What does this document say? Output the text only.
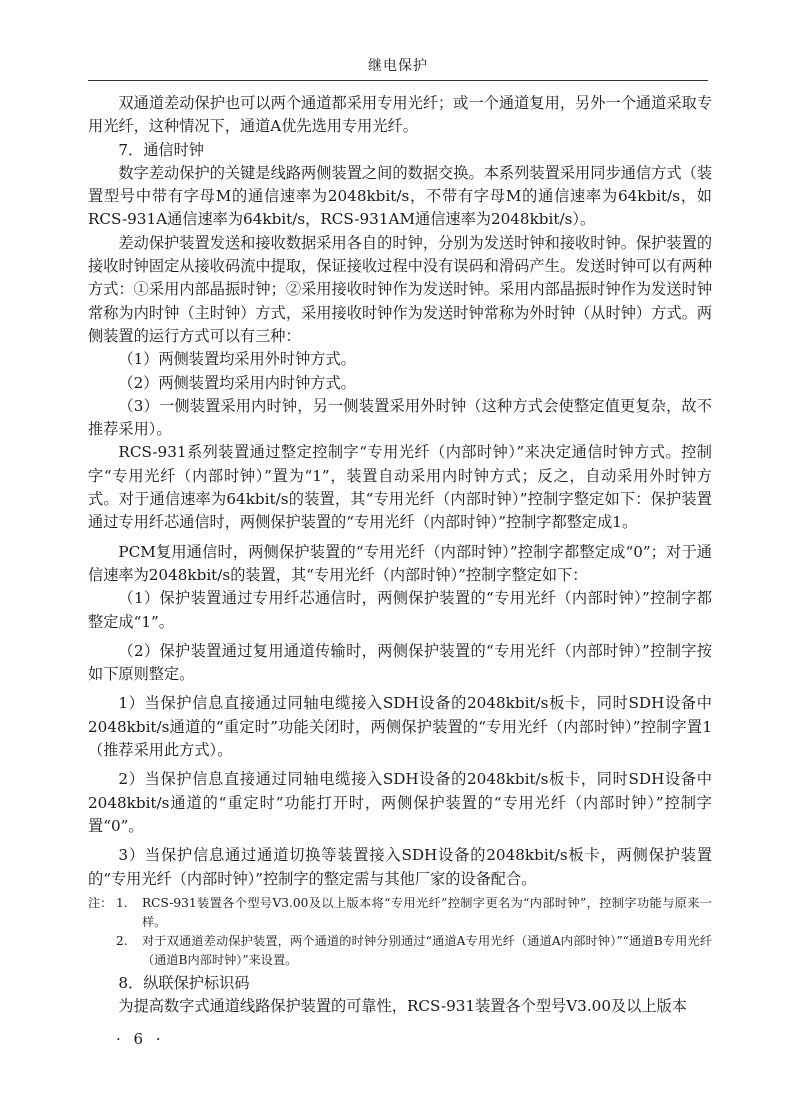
继电保护

双通道差动保护也可以两个通道都采用专用光纤；或一个通道复用，另外一个通道采取专用光纤，这种情况下，通道A优先选用专用光纤。

7．通信时钟

数字差动保护的关键是线路两侧装置之间的数据交换。本系列装置采用同步通信方式（装置型号中带有字母M的通信速率为2048kbit/s，不带有字母M的通信速率为64kbit/s，如RCS-931A通信速率为64kbit/s，RCS-931AM通信速率为2048kbit/s）。

差动保护装置发送和接收数据采用各自的时钟，分别为发送时钟和接收时钟。保护装置的接收时钟固定从接收码流中提取，保证接收过程中没有误码和滑码产生。发送时钟可以有两种方式：①采用内部晶振时钟；②采用接收时钟作为发送时钟。采用内部晶振时钟作为发送时钟常称为内时钟（主时钟）方式，采用接收时钟作为发送时钟常称为外时钟（从时钟）方式。两侧装置的运行方式可以有三种：

（1）两侧装置均采用外时钟方式。

（2）两侧装置均采用内时钟方式。

（3）一侧装置采用内时钟，另一侧装置采用外时钟（这种方式会使整定值更复杂，故不推荐采用）。

RCS-931系列装置通过整定控制字“专用光纤（内部时钟）”来决定通信时钟方式。控制字“专用光纤（内部时钟）”置为“1”，装置自动采用内时钟方式；反之，自动采用外时钟方式。对于通信速率为64kbit/s的装置，其“专用光纤（内部时钟）”控制字整定如下：保护装置通过专用纤芯通信时，两侧保护装置的“专用光纤（内部时钟）”控制字都整定成1。

PCM复用通信时，两侧保护装置的“专用光纤（内部时钟）”控制字都整定成“0”；对于通信速率为2048kbit/s的装置，其“专用光纤（内部时钟）”控制字整定如下：

（1）保护装置通过专用纤芯通信时，两侧保护装置的“专用光纤（内部时钟）”控制字都整定成“1”。

（2）保护装置通过复用通道传输时，两侧保护装置的“专用光纤（内部时钟）”控制字按如下原则整定。

1）当保护信息直接通过同轴电缆接入SDH设备的2048kbit/s板卡，同时SDH设备中2048kbit/s通道的“重定时”功能关闭时，两侧保护装置的“专用光纤（内部时钟）”控制字置1（推荐采用此方式）。

2）当保护信息直接通过同轴电缆接入SDH设备的2048kbit/s板卡，同时SDH设备中2048kbit/s通道的“重定时”功能打开时，两侧保护装置的“专用光纤（内部时钟）”控制字置“0”。

3）当保护信息通过通道切换等装置接入SDH设备的2048kbit/s板卡，两侧保护装置的“专用光纤（内部时钟）”控制字的整定需与其他厂家的设备配合。

注： 1.	RCS-931装置各个型号V3.00及以上版本将“专用光纤”控制字更名为“内部时钟”，控制字功能与原来一样。
2.	对于双通道差动保护装置，两个通道的时钟分别通过“通道A专用光纤（通道A内部时钟）”“通道B专用光纤（通道B内部时钟）”来设置。

8．纵联保护标识码

为提高数字式通道线路保护装置的可靠性，RCS-931装置各个型号V3.00及以上版本

· 6 ·
